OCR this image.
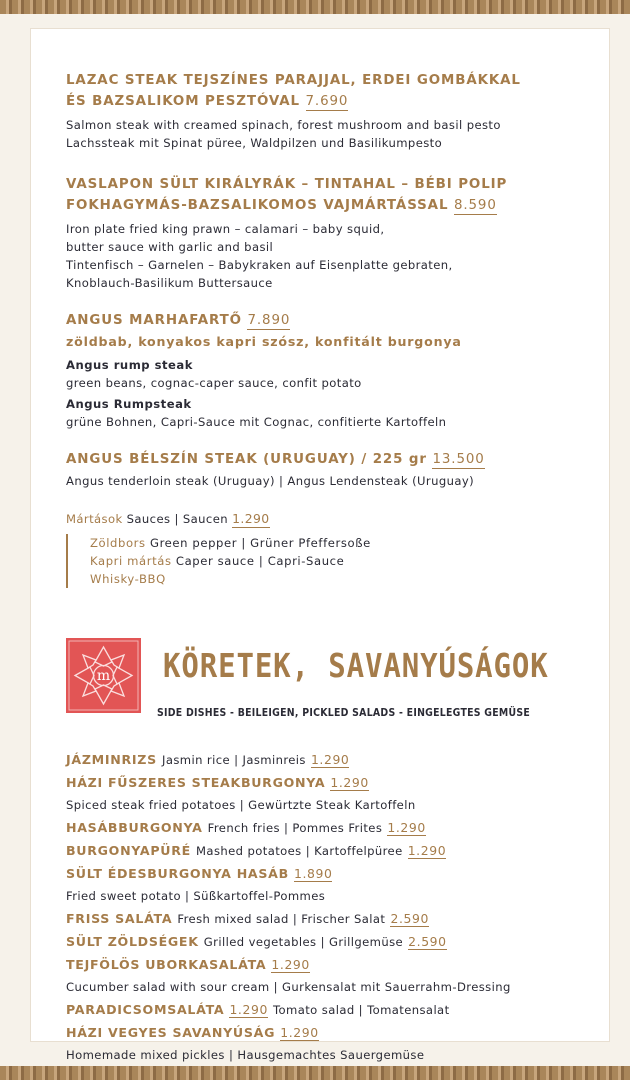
LAZAC STEAK TEJSZÍNES PARAJJAL, ERDEI GOMBÁKKAL
ÉS BAZSALIKOM PESZTÓVAL 7.690
Salmon steak with creamed spinach, forest mushroom and basil pesto
Lachssteak mit Spinat püree, Waldpilzen und Basilikumpesto
VASLAPON SÜLT KIRÁLYRÁK – TINTAHAL – BÉBI POLIP
FOKHAGYMÁS-BAZSALIKOMOS VAJMÁRTÁSSAL 8.590
Iron plate fried king prawn – calamari – baby squid,
butter sauce with garlic and basil
Tintenfisch – Garnelen – Babykraken auf Eisenplatte gebraten,
Knoblauch-Basilikum Buttersauce
ANGUS MARHAFARTŐ 7.890
zöldbab, konyakos kapri szósz, konfitált burgonya
Angus rump steak
green beans, cognac-caper sauce, confit potato
Angus Rumpsteak
grüne Bohnen, Capri-Sauce mit Cognac, confitierte Kartoffeln
ANGUS BÉLSZÍN STEAK (URUGUAY) / 225 gr 13.500
Angus tenderloin steak (Uruguay) | Angus Lendensteak (Uruguay)
Mártások Sauces | Saucen 1.290
Zöldbors Green pepper | Grüner Pfeffersoße
Kapri mártás Caper sauce | Capri-Sauce
Whisky-BBQ
m KÖRETEK, SAVANYÚSÁGOK
SIDE DISHES - BEILEIGEN, PICKLED SALADS - EINGELEGTES GEMÜSE
JÁZMINRIZS Jasmin rice | Jasminreis 1.290
HÁZI FŰSZERES STEAKBURGONYA 1.290
Spiced steak fried potatoes | Gewürtzte Steak Kartoffeln
HASÁBBURGONYA French fries | Pommes Frites 1.290
BURGONYAPÜRÉ Mashed potatoes | Kartoffelpüree 1.290
SÜLT ÉDESBURGONYA HASÁB 1.890
Fried sweet potato | Süßkartoffel-Pommes
FRISS SALÁTA Fresh mixed salad | Frischer Salat 2.590
SÜLT ZÖLDSÉGEK Grilled vegetables | Grillgemüse 2.590
TEJFÖLÖS UBORKASALÁTA 1.290
Cucumber salad with sour cream | Gurkensalat mit Sauerrahm-Dressing
PARADICSOMSALÁTA 1.290 Tomato salad | Tomatensalat
HÁZI VEGYES SAVANYÚSÁG 1.290
Homemade mixed pickles | Hausgemachtes Sauergemüse
